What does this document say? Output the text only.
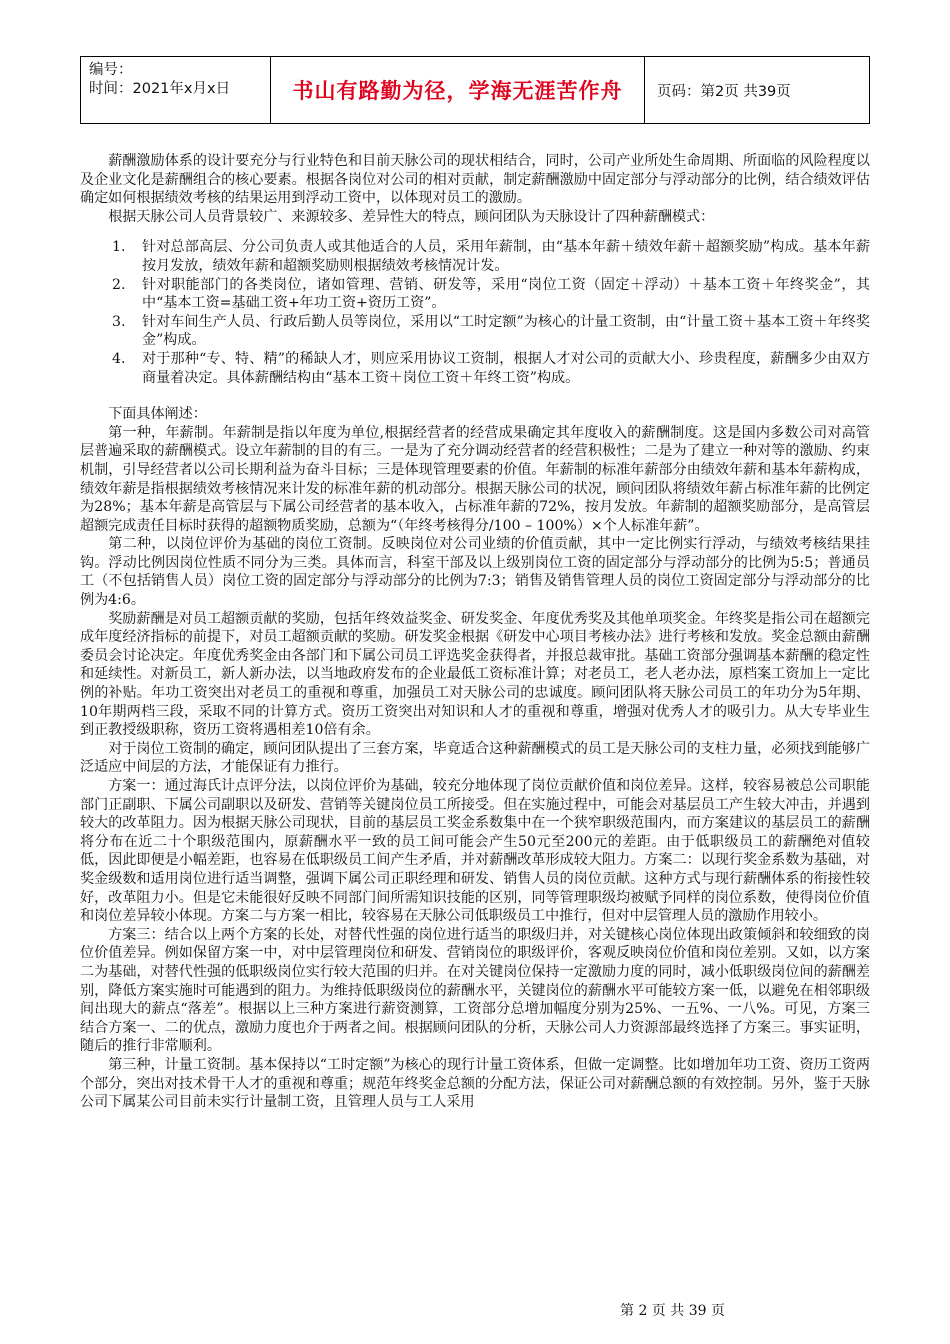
编号：
时间：2021年x月x日	书山有路勤为径，学海无涯苦作舟	页码：第2页 共39页

薪酬激励体系的设计要充分与行业特色和目前天脉公司的现状相结合，同时，公司产业所处生命周期、所面临的风险程度以及企业文化是薪酬组合的核心要素。根据各岗位对公司的相对贡献，制定薪酬激励中固定部分与浮动部分的比例，结合绩效评估确定如何根据绩效考核的结果运用到浮动工资中，以体现对员工的激励。

根据天脉公司人员背景较广、来源较多、差异性大的特点，顾问团队为天脉设计了四种薪酬模式：

1.	针对总部高层、分公司负责人或其他适合的人员，采用年薪制，由“基本年薪＋绩效年薪＋超额奖励”构成。基本年薪按月发放，绩效年薪和超额奖励则根据绩效考核情况计发。
2.	针对职能部门的各类岗位，诸如管理、营销、研发等，采用“岗位工资（固定＋浮动）＋基本工资＋年终奖金”，其中“基本工资=基础工资+年功工资+资历工资”。
3.	针对车间生产人员、行政后勤人员等岗位，采用以“工时定额”为核心的计量工资制，由“计量工资＋基本工资＋年终奖金”构成。
4.	对于那种“专、特、精”的稀缺人才，则应采用协议工资制，根据人才对公司的贡献大小、珍贵程度，薪酬多少由双方商量着决定。具体薪酬结构由“基本工资＋岗位工资＋年终工资”构成。

下面具体阐述：

第一种，年薪制。年薪制是指以年度为单位,根据经营者的经营成果确定其年度收入的薪酬制度。这是国内多数公司对高管层普遍采取的薪酬模式。设立年薪制的目的有三。一是为了充分调动经营者的经营积极性；二是为了建立一种对等的激励、约束机制，引导经营者以公司长期利益为奋斗目标；三是体现管理要素的价值。年薪制的标准年薪部分由绩效年薪和基本年薪构成，绩效年薪是指根据绩效考核情况来计发的标准年薪的机动部分。根据天脉公司的状况，顾问团队将绩效年薪占标准年薪的比例定为28%；基本年薪是高管层与下属公司经营者的基本收入，占标准年薪的72%，按月发放。年薪制的超额奖励部分，是高管层超额完成责任目标时获得的超额物质奖励，总额为“（年终考核得分/100 – 100%）×个人标准年薪”。

第二种，以岗位评价为基础的岗位工资制。反映岗位对公司业绩的价值贡献，其中一定比例实行浮动，与绩效考核结果挂钩。浮动比例因岗位性质不同分为三类。具体而言，科室干部及以上级别岗位工资的固定部分与浮动部分的比例为5:5；普通员工（不包括销售人员）岗位工资的固定部分与浮动部分的比例为7:3；销售及销售管理人员的岗位工资固定部分与浮动部分的比例为4:6。

奖励薪酬是对员工超额贡献的奖励，包括年终效益奖金、研发奖金、年度优秀奖及其他单项奖金。年终奖是指公司在超额完成年度经济指标的前提下，对员工超额贡献的奖励。研发奖金根据《研发中心项目考核办法》进行考核和发放。奖金总额由薪酬委员会讨论决定。年度优秀奖金由各部门和下属公司员工评选奖金获得者，并报总裁审批。基础工资部分强调基本薪酬的稳定性和延续性。对新员工，新人新办法，以当地政府发布的企业最低工资标准计算；对老员工，老人老办法，原档案工资加上一定比例的补贴。年功工资突出对老员工的重视和尊重，加强员工对天脉公司的忠诚度。顾问团队将天脉公司员工的年功分为5年期、10年期两档三段，采取不同的计算方式。资历工资突出对知识和人才的重视和尊重，增强对优秀人才的吸引力。从大专毕业生到正教授级职称，资历工资将遇相差10倍有余。

对于岗位工资制的确定，顾问团队提出了三套方案，毕竟适合这种薪酬模式的员工是天脉公司的支柱力量，必须找到能够广泛适应中间层的方法，才能保证有力推行。

方案一：通过海氏计点评分法，以岗位评价为基础，较充分地体现了岗位贡献价值和岗位差异。这样，较容易被总公司职能部门正副职、下属公司副职以及研发、营销等关键岗位员工所接受。但在实施过程中，可能会对基层员工产生较大冲击，并遇到较大的改革阻力。因为根据天脉公司现状，目前的基层员工奖金系数集中在一个狭窄职级范围内，而方案建议的基层员工的薪酬将分布在近二十个职级范围内，原薪酬水平一致的员工间可能会产生50元至200元的差距。由于低职级员工的薪酬绝对值较低，因此即便是小幅差距，也容易在低职级员工间产生矛盾，并对薪酬改革形成较大阻力。方案二：以现行奖金系数为基础，对奖金级数和适用岗位进行适当调整，强调下属公司正职经理和研发、销售人员的岗位贡献。这种方式与现行薪酬体系的衔接性较好，改革阻力小。但是它未能很好反映不同部门间所需知识技能的区别，同等管理职级均被赋予同样的岗位系数，使得岗位价值和岗位差异较小体现。方案二与方案一相比，较容易在天脉公司低职级员工中推行，但对中层管理人员的激励作用较小。

方案三：结合以上两个方案的长处，对替代性强的岗位进行适当的职级归并，对关键核心岗位体现出政策倾斜和较细致的岗位价值差异。例如保留方案一中，对中层管理岗位和研发、营销岗位的职级评价，客观反映岗位价值和岗位差别。又如，以方案二为基础，对替代性强的低职级岗位实行较大范围的归并。在对关键岗位保持一定激励力度的同时，减小低职级岗位间的薪酬差别，降低方案实施时可能遇到的阻力。为维持低职级岗位的薪酬水平，关键岗位的薪酬水平可能较方案一低，以避免在相邻职级间出现大的薪点“落差”。根据以上三种方案进行薪资测算，工资部分总增加幅度分别为25%、一五%、一八%。可见，方案三结合方案一、二的优点，激励力度也介于两者之间。根据顾问团队的分析，天脉公司人力资源部最终选择了方案三。事实证明，随后的推行非常顺利。

第三种，计量工资制。基本保持以“工时定额”为核心的现行计量工资体系，但做一定调整。比如增加年功工资、资历工资两个部分，突出对技术骨干人才的重视和尊重；规范年终奖金总额的分配方法，保证公司对薪酬总额的有效控制。另外，鉴于天脉公司下属某公司目前未实行计量制工资，且管理人员与工人采用

第 2 页 共 39 页
